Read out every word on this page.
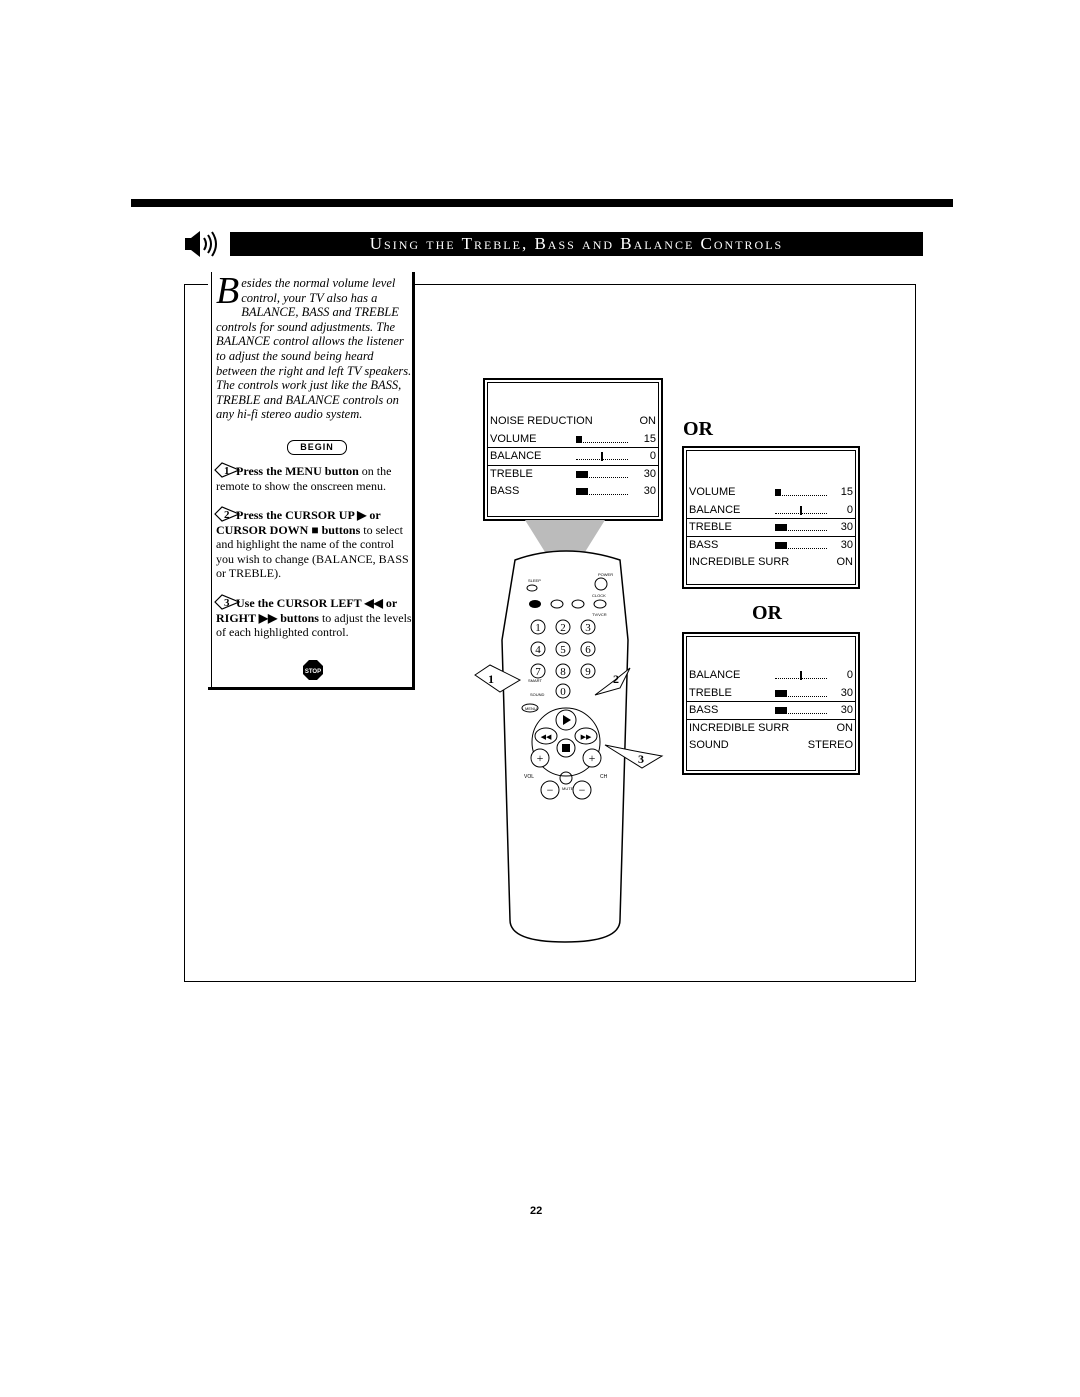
Using the Treble, Bass and Balance Controls
Besides the normal volume level control, your TV also has a BALANCE, BASS and TREBLE controls for sound adjustments. The BALANCE control allows the listener to adjust the sound being heard between the right and left TV speakers. The controls work just like the BASS, TREBLE and BALANCE controls on any hi-fi stereo audio system.
BEGIN
1 Press the MENU button on the remote to show the onscreen menu.
2 Press the CURSOR UP ▶ or CURSOR DOWN ■ buttons to select and highlight the name of the control you wish to change (BALANCE, BASS or TREBLE).
3 Use the CURSOR LEFT ◀◀ or RIGHT ▶▶ buttons to adjust the levels of each highlighted control.
STOP
NOISE REDUCTION	ON
VOLUME	15
BALANCE	0
TREBLE	30
BASS	30
OR
VOLUME	15
BALANCE	0
TREBLE	30
BASS	30
INCREDIBLE SURR	ON
OR
BALANCE	0
TREBLE	30
BASS	30
INCREDIBLE SURR	ON
SOUND	STEREO
POWER
SLEEP
CLOCK
TV/VCR
1 2 3
4 5 6
7 8 9
0
SMART
SOUND
MENU
◀◀	▶▶
+	+
VOL	CH
MUTE
− −
1	2
3
22
